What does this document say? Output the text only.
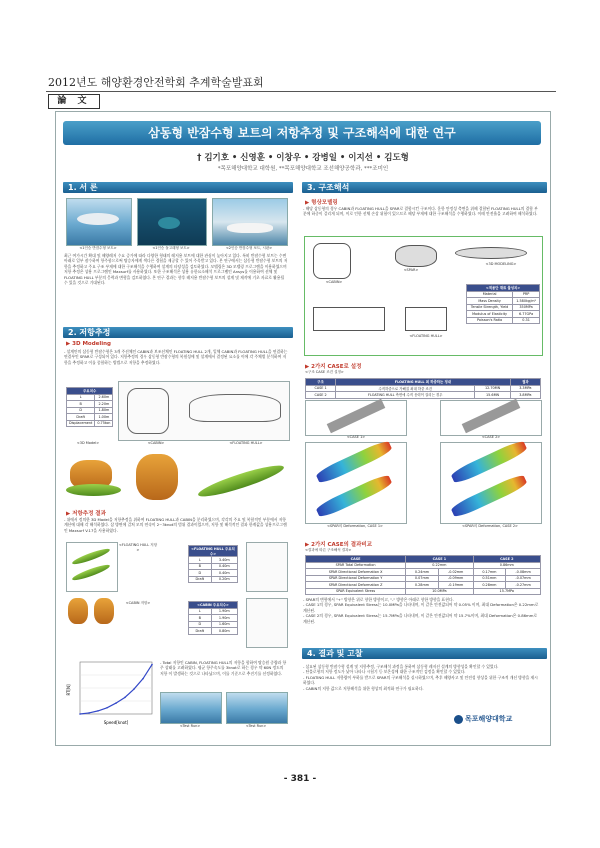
2012년도 해양환경안전학회 추계학술발표회
論 文
삼동형 반잠수형 보트의 저항추정 및 구조해석에 대한 연구
† 김기호 • 신영훈 • 이창우 • 강병일 • 이지선 • 김도형
*목포해양대학교 대학원, **목포해양대학교 조선해양공학과, ***조미인
1. 서 론
<1인승 반잠수형 보트>	<1인승 돌고래형 보트>	<2인승 반잠수형 보트, 시판>
최근 여가시간 확대 및 해양레저 수요 증가에 따라 다양한 형태의 레저용 보트에 대한 관심이 높아지고 있다. 특히 반잠수형 보트는 수면 아래로 일부 잠수하여 항주함으로써 탑승자에게 색다른 경험을 제공할 수 있어 주목받고 있다. 본 연구에서는 삼동형 반잠수형 보트의 저항을 추정하고 주요 구조 부재에 대한 구조해석을 수행하여 설계의 타당성을 검토하였다. 모델링은 3D 모델링 프로그램을 이용하였으며 저항 추정은 상용 프로그램인 Maxsurf를 사용하였다. 또한 구조해석은 상용 유한요소해석 프로그램인 Ansys를 이용하여 선체 및 FLOATING HULL 부분의 응력과 변형을 검토하였다. 본 연구 결과는 향후 레저용 반잠수형 보트의 설계 및 제작에 기초 자료로 활용될 수 있을 것으로 기대된다.
2. 저항추정
▶ 3D Modeling
- 설계안의 삼동형 반잠수형은 3개 주선체인 CABIN과 보조선체인 FLOATING HULL 2개, 일체 CABIN과 FLOATING HULL을 연결하는 연결부인 SPAR로 구성되어 있다. 저항추정의 경우 삼동형 반잠수형의 복원성에 및 설계에서 결정된 요소를 이에 각 주체별 분석하여 저항을 추정하고 이를 종합하는 방법으로 저항을 추정하였다.
주요치수	
L	2.60m
B	2.20m
D	1.80m
Draft	1.00m
Displacement	0.75ton
<3D Model>	<CABIN>	<FLOATING HULL>
▶ 저항추정 결과
- 위에서 정의한 3D Model을 저항추정을 위하여 FLOATING HULL과 CABIN을 분리하였으며, 각각의 주요 및 복합적인 부분에서 저항 계산에 대해 각 해석하였다. 삼 방면에 걸쳐 모의 연속이 2~3knot의 범위 결과이었으며, 저항 및 해석적인 결과 한계값을 상용프로그램인 Maxsurf V.17을 사용하였다.
<FLOATING HULL 저항>	<FLOATING HULL 주요치수>	
L	3.40m
B	0.40m
D	0.40m
Draft	0.20m
<CABIN 저항>
<CABIN 주요치수>	
L	1.90m
B	1.90m
D	1.60m
Draft	0.80m
RT[N]
Speed[knot]
<Test Run>	<Test Run>
- Total 저항인 CABIN, FLOATING HULL의 저항을 합하여 탑승원 중량과 항주 상태를 고려하였다. 평균 항주속도를 3knot로 하는 경우 약 60N 정도의 저항 이 발생하는 것으로 나타났으며, 이를 기준으로 추진기를 선정하였다.
3. 구조해석
▶ 형상모델링
- 해당 삼동형의 경우 CABIN과 FLOATING HULL을 SPAR로 결합시킨 구조이다. 운항 안정성 측면을 위해 결합된 FLOATING HULL의 결합 부분에 하중이 걸리게 되며, 이로 인한 선체 손상 위험이 있으므로 해당 부재에 대한 구조해석을 수행하였다. 이때 안전율을 고려하여 해석하였다.
<CABIN>
<SPAR>
<3D MODELING>
<FLOATING HULL>
<적용단 재료 물성치>	
Material	PRP
Mass Density	1.580kg/m³
Tensile Strength, Yield	350MPa
Modulus of Elasticity	6.77GPa
Poisson's Ratio	0.31
▶ 2가지 CASE로 설정
<구조 CASE 조건 설정>
구조	FLOATING HULL 최 하중하는 정대		결과
CASE 1	수직하중으로 가해질 최대 하중 조건	12.70MN	3.3MPa
CASE 2	FLOATING HULL 측면에 수직 응력이 걸리는 경우	15.6MN	3.8MPa
<CASE 1>	<CASE 2>
<SPAR의 Deformation, CASE 1>	<SPAR의 Deformation, CASE 2>
▶ 2가지 CASE의 결과비교
<결과에 따른 구조해석 결과>
CASE	CASE 1		CASE 2	
SPAR Total Deformation	0.22mm		0.86mm	
SPAR Directional Deformation X	0.24mm	-0.02mm	0.17mm	-0.08mm
SPAR Directional Deformation Y	0.07mm	-0.09mm	0.51mm	-0.07mm
SPAR Directional Deformation Z	0.28mm	-0.19mm	0.28mm	-0.27mm
SPAR Equivalent Stress	10.0MPa		15.7MPa	
- SPAR의 변형에서 "+" 방향은 위로 향한 방향이고, "-" 방향은 아래로 향한 방향을 표현다.
- CASE 1의 경우, SPAR Equivalent Stress는 10.0MPa을 나타내며, 이 같은 안전값되어 약 0.05% 이며, 최대 Deformation은 0.22mm로 계산된.
- CASE 2의 경우, SPAR Equivalent Stress는 15.7MPa을 나타내며, 이 같은 안전값되어 약 15.7%이며, 최대 Deformation은 0.86mm로 계산된.
4. 결과 및 고찰
- 삼요된 삼동형 반잠수형 설계 및 저항추정, 구조해석 과정을 통하여 삼동형 레저선 설계의 방향성을 확인할 수 있었다.
- 단블로형의 저항 정도가 낮아 나타나 시험기 등 보온성에 대한 구조적인 검정을 확인할 수 있었다.
- FLOATING HULL 저항량이 부하를 받으로 SPAR의 구조해석을 실시하였으며, 추후 해양사고 및 안전성 향상을 위한 구조적 개선 방향을 제시하였다.
- CABIN의 저항 값으로 저항해석을 위한 형상의 최적화 연구가 필요하다.
목포해양대학교
- 381 -
